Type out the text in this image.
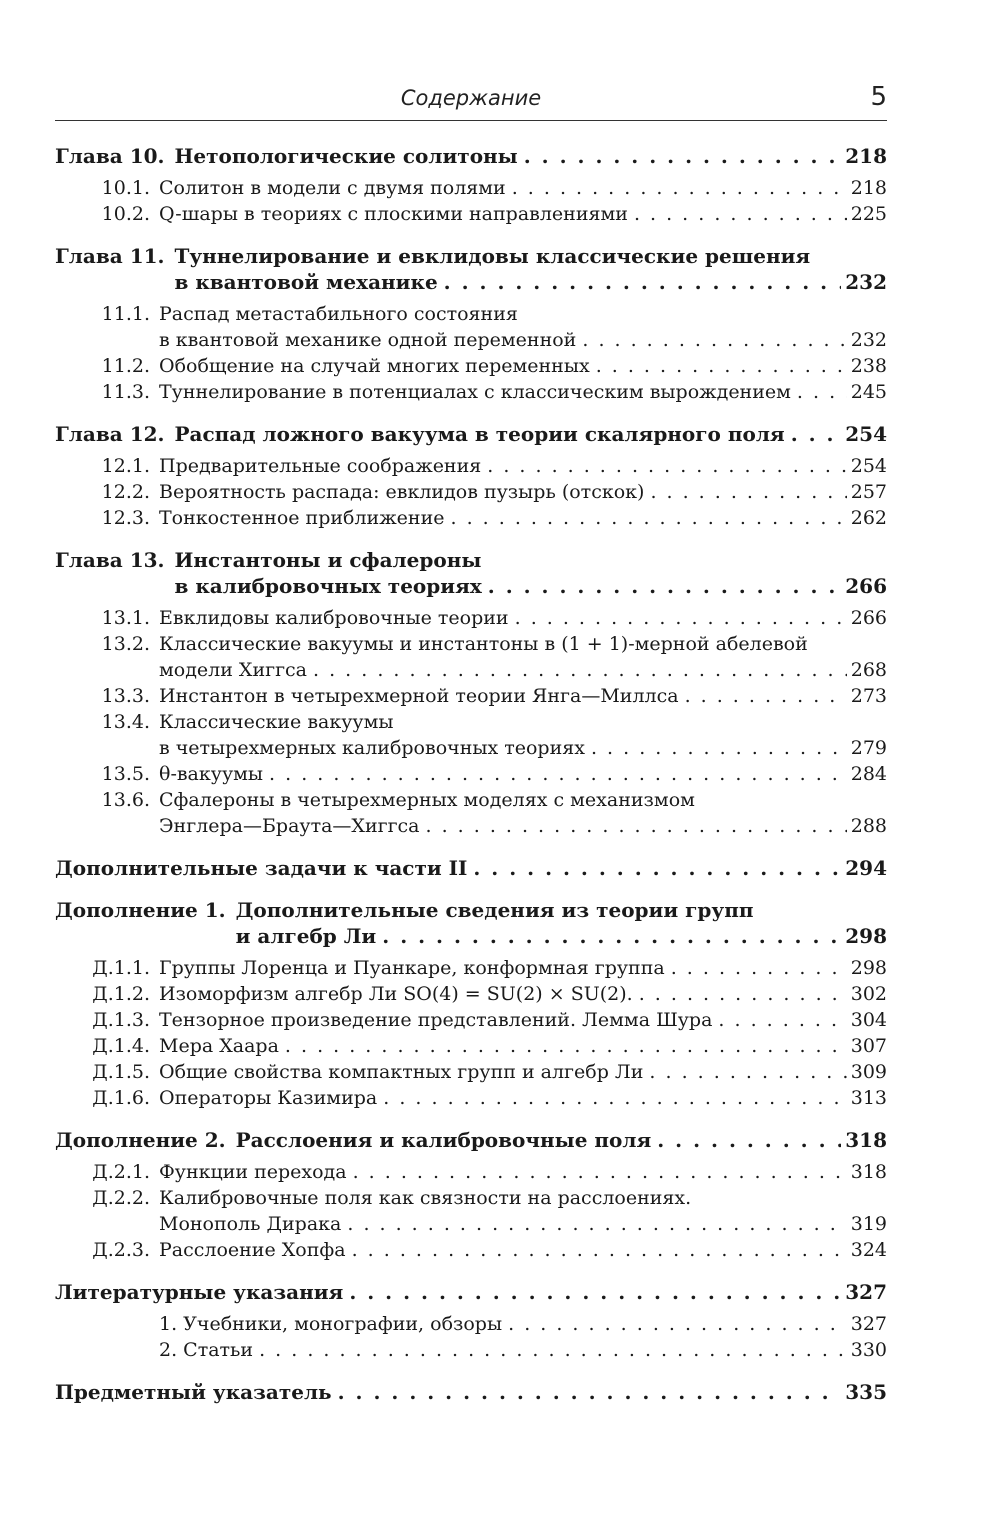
Содержание	5
Глава 10. Нетопологические солитоны . . .	218
10.1. Солитон в модели с двумя полями . . .	218
10.2. Q-шары в теориях с плоскими направлениями . . .	225
Глава 11. Туннелирование и евклидовы классические решения
в квантовой механике . . .	232
11.1. Распад метастабильного состояния
в квантовой механике одной переменной . . .	232
11.2. Обобщение на случай многих переменных . . .	238
11.3. Туннелирование в потенциалах с классическим вырождением . . .	245
Глава 12. Распад ложного вакуума в теории скалярного поля . . .	254
12.1. Предварительные соображения . . .	254
12.2. Вероятность распада: евклидов пузырь (отскок) . . .	257
12.3. Тонкостенное приближение . . .	262
Глава 13. Инстантоны и сфалероны
в калибровочных теориях . . .	266
13.1. Евклидовы калибровочные теории . . .	266
13.2. Классические вакуумы и инстантоны в (1 + 1)-мерной абелевой
модели Хиггса . . .	268
13.3. Инстантон в четырехмерной теории Янга—Миллса . . .	273
13.4. Классические вакуумы
в четырехмерных калибровочных теориях . . .	279
13.5. θ-вакуумы . . .	284
13.6. Сфалероны в четырехмерных моделях с механизмом
Энглера—Браута—Хиггса . . .	288
Дополнительные задачи к части II . . .	294
Дополнение 1. Дополнительные сведения из теории групп
и алгебр Ли . . .	298
Д.1.1. Группы Лоренца и Пуанкаре, конформная группа . . .	298
Д.1.2. Изоморфизм алгебр Ли SO(4) = SU(2) × SU(2). . . .	302
Д.1.3. Тензорное произведение представлений. Лемма Шура . . .	304
Д.1.4. Мера Хаара . . .	307
Д.1.5. Общие свойства компактных групп и алгебр Ли . . .	309
Д.1.6. Операторы Казимира . . .	313
Дополнение 2. Расслоения и калибровочные поля . . .	318
Д.2.1. Функции перехода . . .	318
Д.2.2. Калибровочные поля как связности на расслоениях.
Монополь Дирака . . .	319
Д.2.3. Расслоение Хопфа . . .	324
Литературные указания . . .	327
1. Учебники, монографии, обзоры . . .	327
2. Статьи . . .	330
Предметный указатель . . .	335
